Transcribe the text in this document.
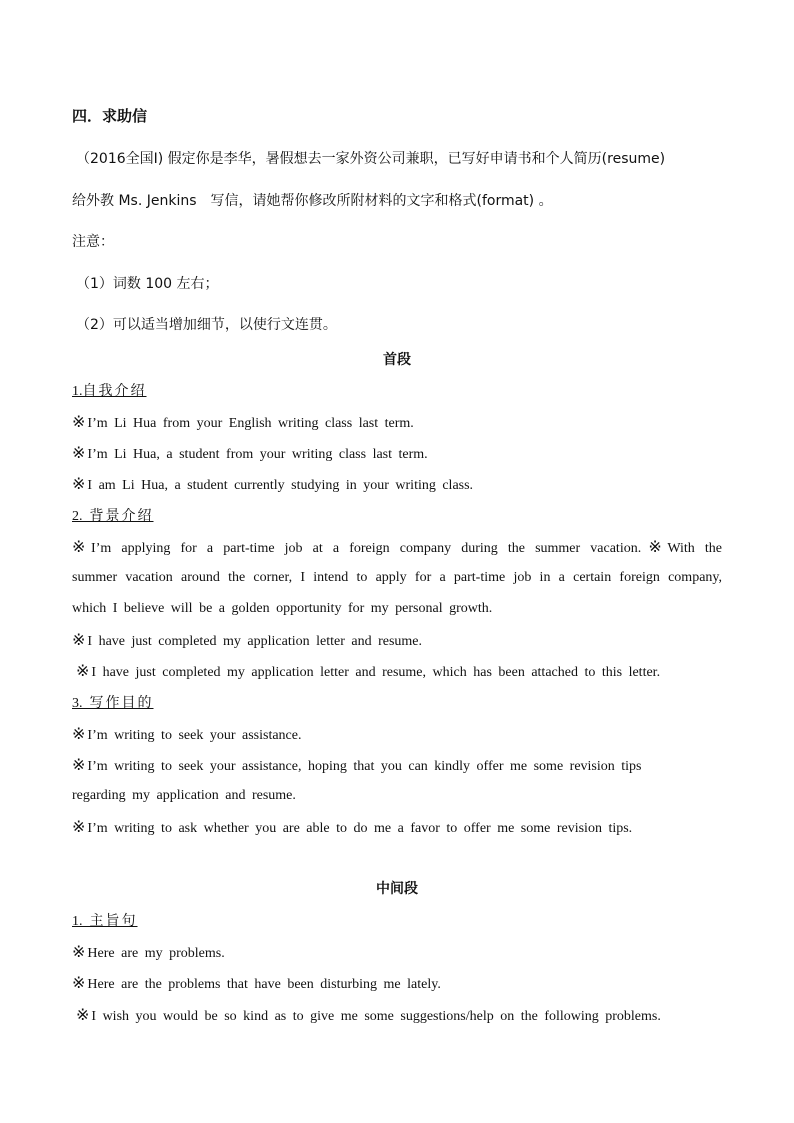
四．求助信
（2016全国I) 假定你是李华，暑假想去一家外资公司兼职，已写好申请书和个人简历(resume)
给外教 Ms. Jenkins　写信，请她帮你修改所附材料的文字和格式(format) 。
注意：
（1）词数 100 左右；
（2）可以适当增加细节，以使行文连贯。
首段
1.自我介绍
※ I’m Li Hua from your English writing class last term.
※ I’m Li Hua, a student from your writing class last term.
※ I am Li Hua, a student currently studying in your writing class.
2. 背景介绍
※ I’m applying for a part-time job at a foreign company during the summer vacation. ※ With the
summer vacation around the corner, I intend to apply for a part-time job in a certain foreign company,
which I believe will be a golden opportunity for my personal growth.
※ I have just completed my application letter and resume.
※ I have just completed my application letter and resume, which has been attached to this letter.
3. 写作目的
※ I’m writing to seek your assistance.
※ I’m writing to seek your assistance, hoping that you can kindly offer me some revision tips
regarding my application and resume.
※ I’m writing to ask whether you are able to do me a favor to offer me some revision tips.
中间段
1. 主旨句
※ Here are my problems.
※ Here are the problems that have been disturbing me lately.
※ I wish you would be so kind as to give me some suggestions/help on the following problems.
